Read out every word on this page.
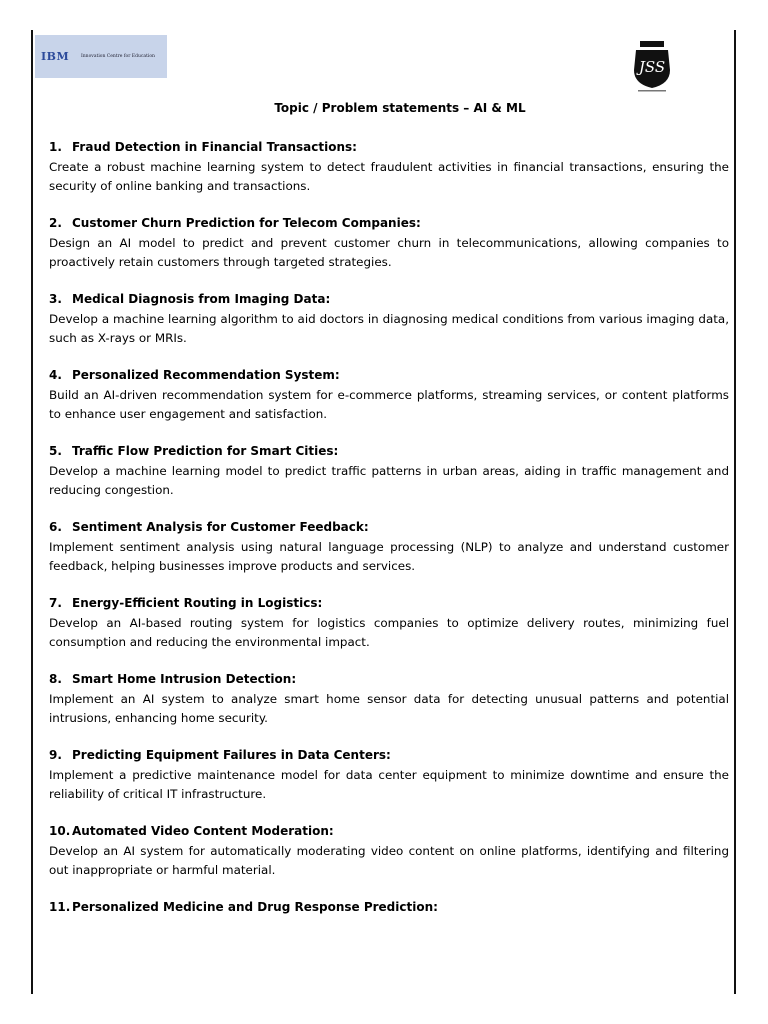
IBM	Innovation Centre for Education
JSS
Topic / Problem statements – AI & ML
1. Fraud Detection in Financial Transactions:
Create a robust machine learning system to detect fraudulent activities in financial transactions, ensuring the security of online banking and transactions.
2. Customer Churn Prediction for Telecom Companies:
Design an AI model to predict and prevent customer churn in telecommunications, allowing companies to proactively retain customers through targeted strategies.
3. Medical Diagnosis from Imaging Data:
Develop a machine learning algorithm to aid doctors in diagnosing medical conditions from various imaging data, such as X-rays or MRIs.
4. Personalized Recommendation System:
Build an AI-driven recommendation system for e-commerce platforms, streaming services, or content platforms to enhance user engagement and satisfaction.
5. Traffic Flow Prediction for Smart Cities:
Develop a machine learning model to predict traffic patterns in urban areas, aiding in traffic management and reducing congestion.
6. Sentiment Analysis for Customer Feedback:
Implement sentiment analysis using natural language processing (NLP) to analyze and understand customer feedback, helping businesses improve products and services.
7. Energy-Efficient Routing in Logistics:
Develop an AI-based routing system for logistics companies to optimize delivery routes, minimizing fuel consumption and reducing the environmental impact.
8. Smart Home Intrusion Detection:
Implement an AI system to analyze smart home sensor data for detecting unusual patterns and potential intrusions, enhancing home security.
9. Predicting Equipment Failures in Data Centers:
Implement a predictive maintenance model for data center equipment to minimize downtime and ensure the reliability of critical IT infrastructure.
10. Automated Video Content Moderation:
Develop an AI system for automatically moderating video content on online platforms, identifying and filtering out inappropriate or harmful material.
11. Personalized Medicine and Drug Response Prediction:
